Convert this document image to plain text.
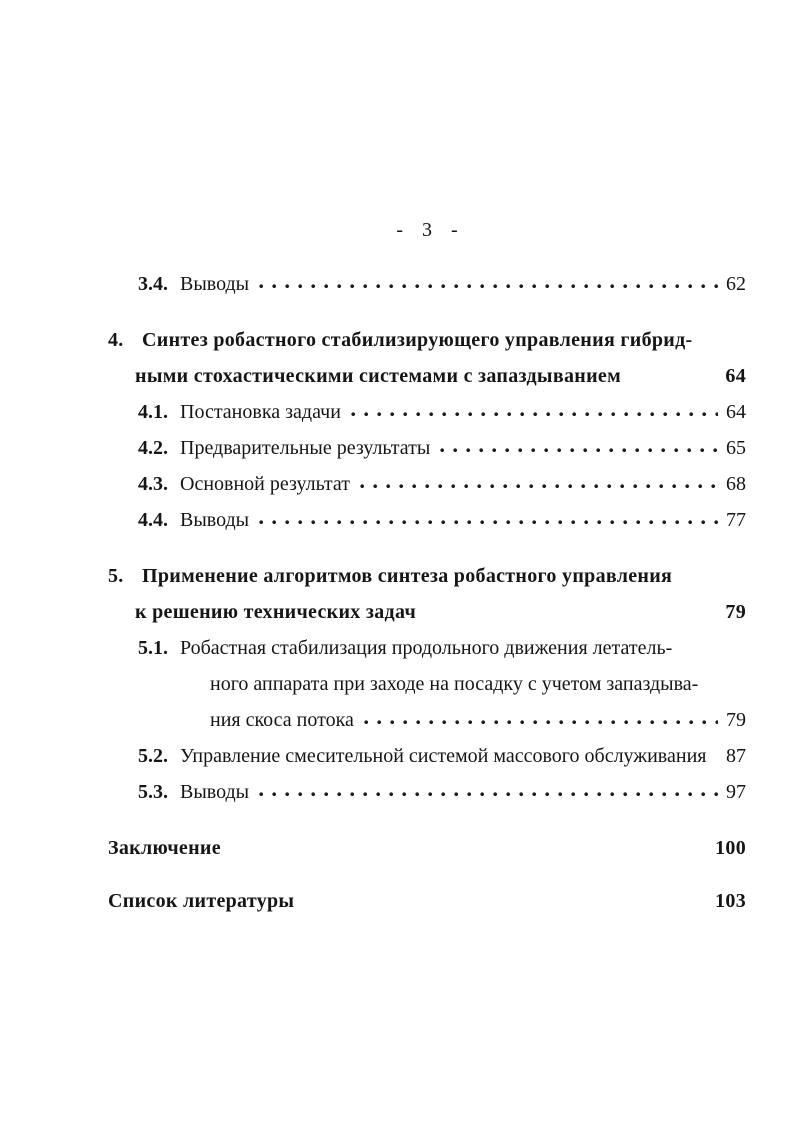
- 3 -
3.4. Выводы	62
4. Синтез робастного стабилизирующего управления гибрид-
ными стохастическими системами с запаздыванием	64
4.1. Постановка задачи	64
4.2. Предварительные результаты	65
4.3. Основной результат	68
4.4. Выводы	77
5. Применение алгоритмов синтеза робастного управления
к решению технических задач	79
5.1. Робастная стабилизация продольного движения летатель-
ного аппарата при заходе на посадку с учетом запаздыва-
ния скоса потока	79
5.2. Управление смесительной системой массового обслуживания 87
5.3. Выводы	97
Заключение	100
Список литературы	103
